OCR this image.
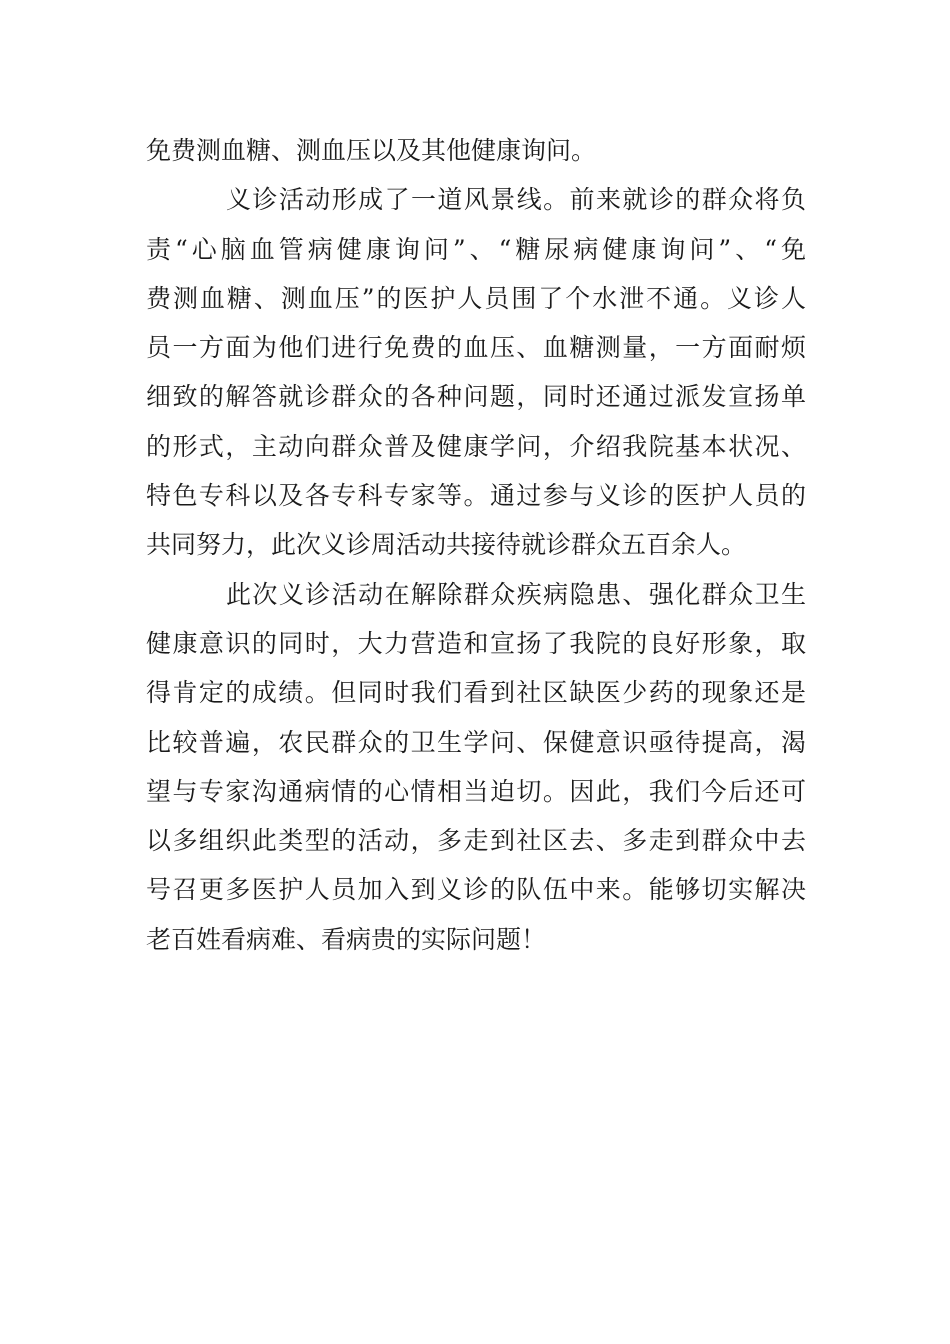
免费测血糖、测血压以及其他健康询问。
义诊活动形成了一道风景线。前来就诊的群众将负
责“心脑血管病健康询问”、“糖尿病健康询问”、“免
费测血糖、测血压”的医护人员围了个水泄不通。义诊人
员一方面为他们进行免费的血压、血糖测量，一方面耐烦
细致的解答就诊群众的各种问题，同时还通过派发宣扬单
的形式，主动向群众普及健康学问，介绍我院基本状况、
特色专科以及各专科专家等。通过参与义诊的医护人员的
共同努力，此次义诊周活动共接待就诊群众五百余人。
此次义诊活动在解除群众疾病隐患、强化群众卫生
健康意识的同时，大力营造和宣扬了我院的良好形象，取
得肯定的成绩。但同时我们看到社区缺医少药的现象还是
比较普遍，农民群众的卫生学问、保健意识亟待提高，渴
望与专家沟通病情的心情相当迫切。因此，我们今后还可
以多组织此类型的活动，多走到社区去、多走到群众中去
号召更多医护人员加入到义诊的队伍中来。能够切实解决
老百姓看病难、看病贵的实际问题！
